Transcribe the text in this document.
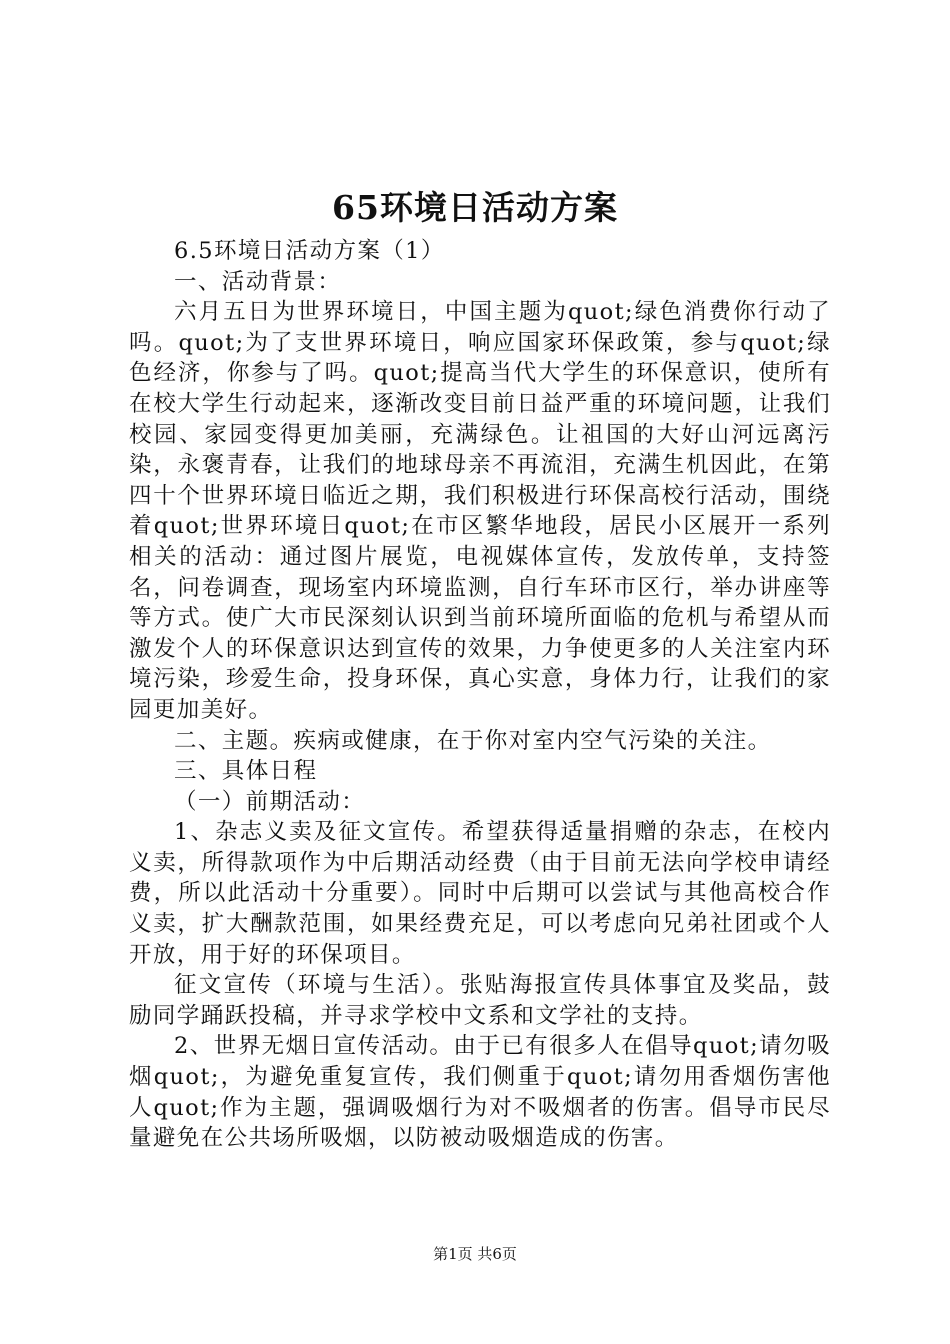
65环境日活动方案

6.5环境日活动方案（1）

一、活动背景：

六月五日为世界环境日，中国主题为quot;绿色消费你行动了吗。quot;为了支世界环境日，响应国家环保政策，参与quot;绿色经济，你参与了吗。quot;提高当代大学生的环保意识，使所有在校大学生行动起来，逐渐改变目前日益严重的环境问题，让我们校园、家园变得更加美丽，充满绿色。让祖国的大好山河远离污染，永褒青春，让我们的地球母亲不再流泪，充满生机因此，在第四十个世界环境日临近之期，我们积极进行环保高校行活动，围绕着quot;世界环境日quot;在市区繁华地段，居民小区展开一系列相关的活动：通过图片展览，电视媒体宣传，发放传单，支持签名，问卷调查，现场室内环境监测，自行车环市区行，举办讲座等等方式。使广大市民深刻认识到当前环境所面临的危机与希望从而激发个人的环保意识达到宣传的效果，力争使更多的人关注室内环境污染，珍爱生命，投身环保，真心实意，身体力行，让我们的家园更加美好。

二、主题。疾病或健康，在于你对室内空气污染的关注。

三、具体日程

（一）前期活动：

1、杂志义卖及征文宣传。希望获得适量捐赠的杂志，在校内义卖，所得款项作为中后期活动经费（由于目前无法向学校申请经费，所以此活动十分重要）。同时中后期可以尝试与其他高校合作义卖，扩大酬款范围，如果经费充足，可以考虑向兄弟社团或个人开放，用于好的环保项目。

征文宣传（环境与生活）。张贴海报宣传具体事宜及奖品，鼓励同学踊跃投稿，并寻求学校中文系和文学社的支持。

2、世界无烟日宣传活动。由于已有很多人在倡导quot;请勿吸烟quot;，为避免重复宣传，我们侧重于quot;请勿用香烟伤害他人quot;作为主题，强调吸烟行为对不吸烟者的伤害。倡导市民尽量避免在公共场所吸烟，以防被动吸烟造成的伤害。

第1页 共6页
